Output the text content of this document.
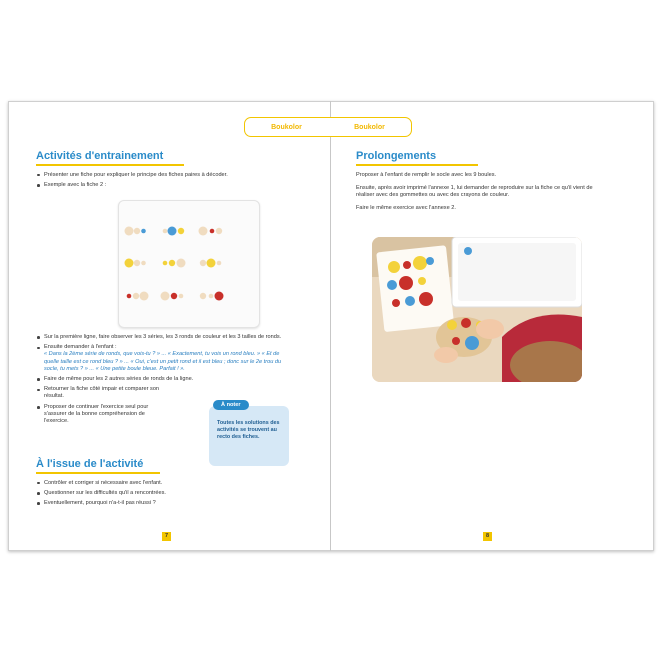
Boukolor	Boukolor
Activités d'entrainement
Présenter une fiche pour expliquer le principe des fiches paires à décoder.
Exemple avec la fiche 2 :
Sur la première ligne, faire observer les 3 séries, les 3 ronds de couleur et les 3 tailles de ronds.
Ensuite demander à l'enfant :
« Dans la 2ème série de ronds, que vois-tu ? » ... « Exactement, tu vois un rond bleu. » « Et de quelle taille est ce rond bleu ? » ... « Oui, c'est un petit rond et il est bleu ; donc sur le 2e trou du socle, tu mets ? » ... « Une petite boule bleue. Parfait ! ».
Faire de même pour les 2 autres séries de ronds de la ligne.
Retourner la fiche côté impair et comparer son résultat.
Proposer de continuer l'exercice seul pour s'assurer de la bonne compréhension de l'exercice.
À noter
Toutes les solutions des activités se trouvent au recto des fiches.
À l'issue de l'activité
Contrôler et corriger si nécessaire avec l'enfant.
Questionner sur les difficultés qu'il a rencontrées.
Eventuellement, pourquoi n'a-t-il pas réussi ?
7
Prolongements

Proposer à l'enfant de remplir le socle avec les 9 boules.

Ensuite, après avoir imprimé l'annexe 1, lui demander de reproduire sur la fiche ce qu'il vient de réaliser avec des gommettes ou avec des crayons de couleur.

Faire le même exercice avec l'annexe 2.

8
